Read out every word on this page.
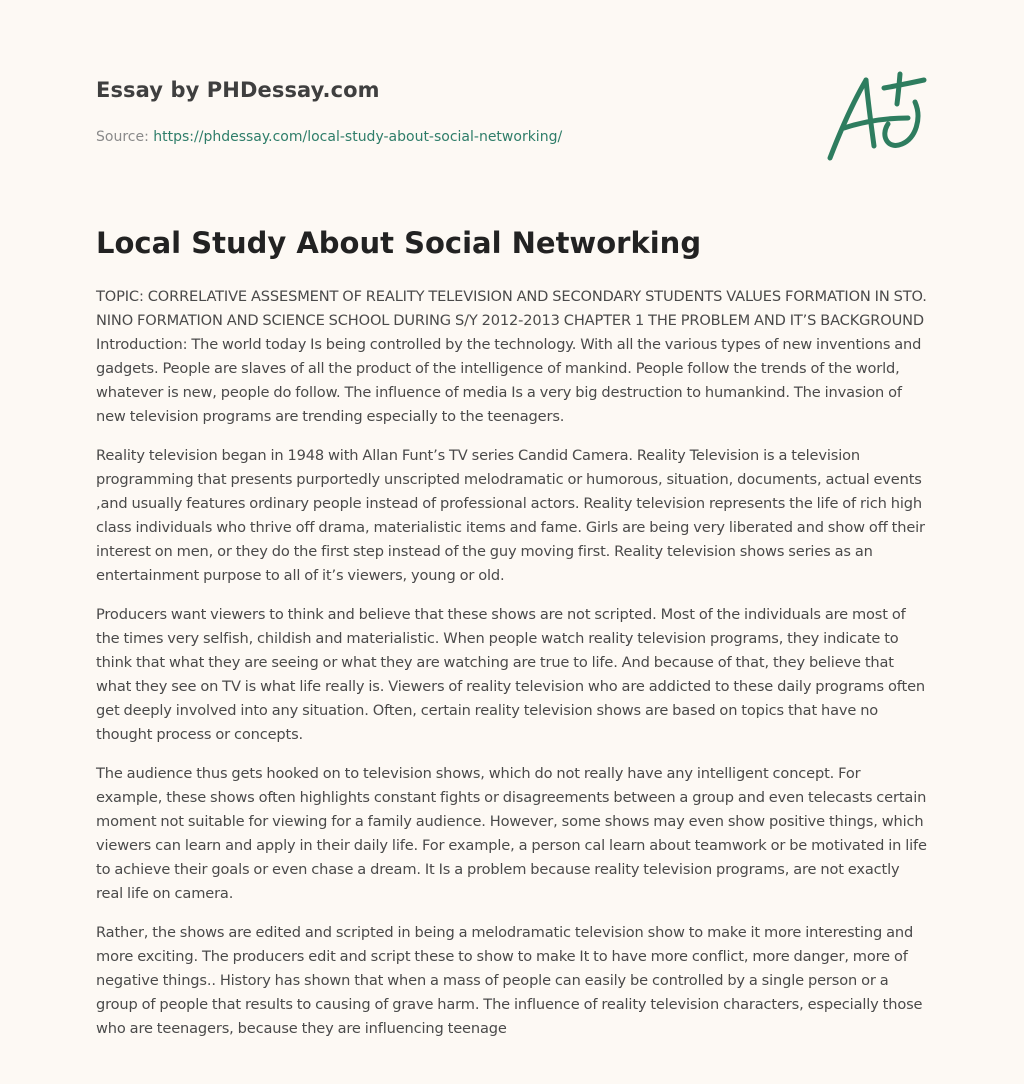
Essay by PHDessay.com
Source: https://phdessay.com/local-study-about-social-networking/
Local Study About Social Networking

TOPIC: CORRELATIVE ASSESMENT OF REALITY TELEVISION AND SECONDARY STUDENTS VALUES FORMATION IN STO. NINO FORMATION AND SCIENCE SCHOOL DURING S/Y 2012-2013 CHAPTER 1 THE PROBLEM AND IT’S BACKGROUND Introduction: The world today Is being controlled by the technology. With all the various types of new inventions and gadgets. People are slaves of all the product of the intelligence of mankind. People follow the trends of the world, whatever is new, people do follow. The influence of media Is a very big destruction to humankind. The invasion of new television programs are trending especially to the teenagers.

Reality television began in 1948 with Allan Funt’s TV series Candid Camera. Reality Television is a television programming that presents purportedly unscripted melodramatic or humorous, situation, documents, actual events ,and usually features ordinary people instead of professional actors. Reality television represents the life of rich high class individuals who thrive off drama, materialistic items and fame. Girls are being very liberated and show off their interest on men, or they do the first step instead of the guy moving first. Reality television shows series as an entertainment purpose to all of it’s viewers, young or old.

Producers want viewers to think and believe that these shows are not scripted. Most of the individuals are most of the times very selfish, childish and materialistic. When people watch reality television programs, they indicate to think that what they are seeing or what they are watching are true to life. And because of that, they believe that what they see on TV is what life really is. Viewers of reality television who are addicted to these daily programs often get deeply involved into any situation. Often, certain reality television shows are based on topics that have no thought process or concepts.

The audience thus gets hooked on to television shows, which do not really have any intelligent concept. For example, these shows often highlights constant fights or disagreements between a group and even telecasts certain moment not suitable for viewing for a family audience. However, some shows may even show positive things, which viewers can learn and apply in their daily life. For example, a person cal learn about teamwork or be motivated in life to achieve their goals or even chase a dream. It Is a problem because reality television programs, are not exactly real life on camera.

Rather, the shows are edited and scripted in being a melodramatic television show to make it more interesting and more exciting. The producers edit and script these to show to make It to have more conflict, more danger, more of negative things.. History has shown that when a mass of people can easily be controlled by a single person or a group of people that results to causing of grave harm. The influence of reality television characters, especially those who are teenagers, because they are influencing teenage
